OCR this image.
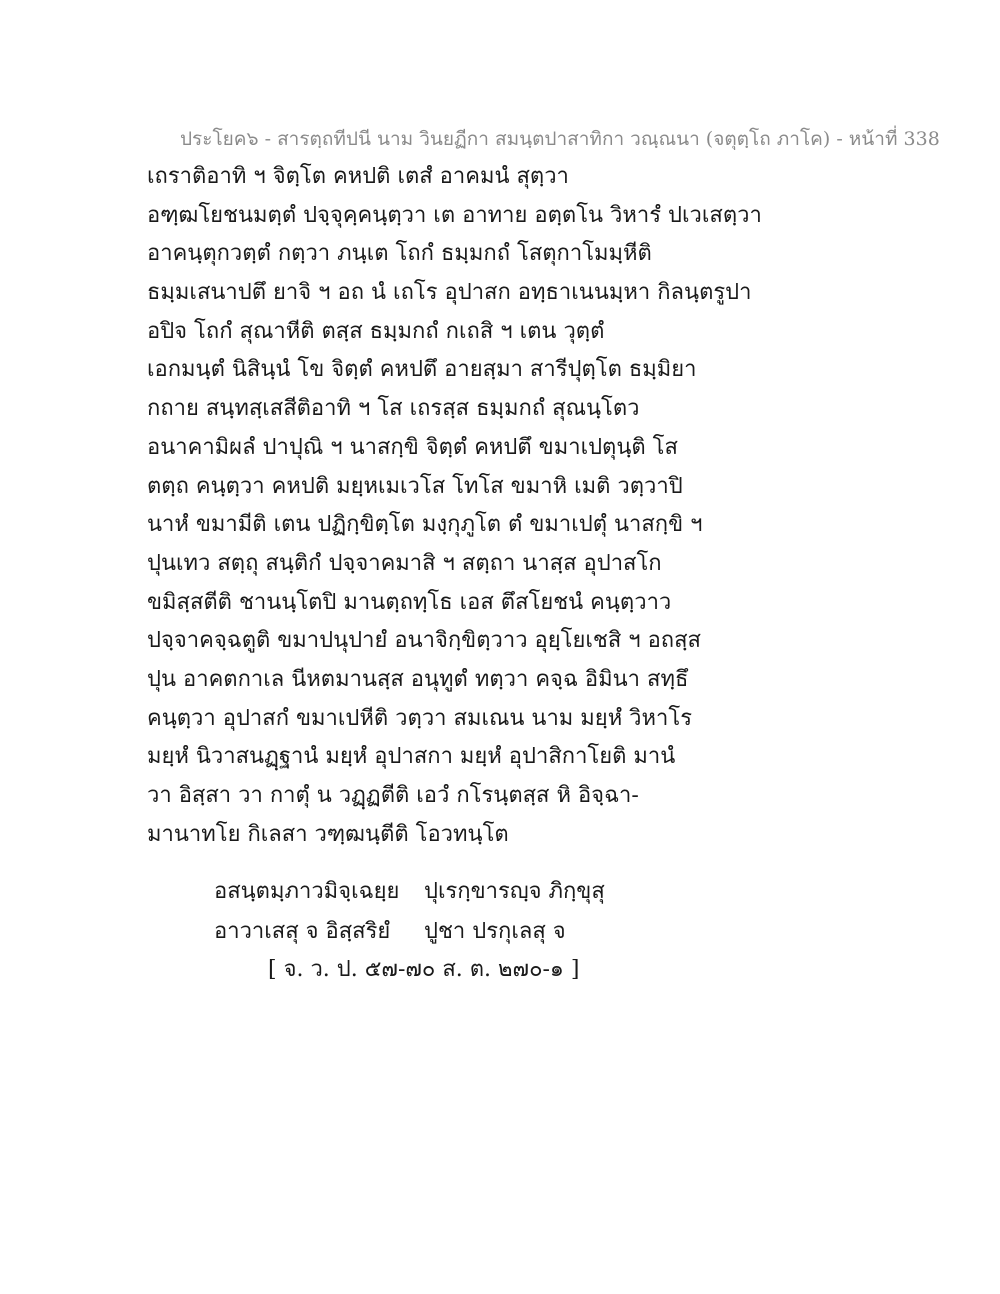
ประโยค๖ - สารตฺถทีปนี นาม วินยฏีกา สมนฺตปาสาทิกา วณฺณนา (จตุตฺโถ ภาโค) - หน้าที่ 338
เถราติอาทิ ฯ จิตฺโต คหปติ เตสํ อาคมนํ สุตฺวา
อฑฺฒโยชนมตฺตํ ปจฺจุคฺคนฺตฺวา เต อาทาย อตฺตโน วิหารํ ปเวเสตฺวา
อาคนฺตุกวตฺตํ กตฺวา ภนฺเต โถกํ ธมฺมกถํ โสตุกาโมมฺหีติ
ธมฺมเสนาปตึ ยาจิ ฯ อถ นํ เถโร อุปาสก อทฺธาเนนมฺหา กิลนฺตรูปา
อปิจ โถกํ สุณาหีติ ตสฺส ธมฺมกถํ กเถสิ ฯ เตน วุตฺตํ
เอกมนฺตํ นิสินฺนํ โข จิตฺตํ คหปตึ อายสฺมา สารีปุตฺโต ธมฺมิยา
กถาย สนฺทสฺเสสีติอาทิ ฯ โส เถรสฺส ธมฺมกถํ สุณนฺโตว
อนาคามิผลํ ปาปุณิ ฯ นาสกฺขิ จิตฺตํ คหปตึ ขมาเปตุนฺติ โส
ตตฺถ คนฺตฺวา คหปติ มยฺหเมเวโส โทโส ขมาหิ เมติ วตฺวาปิ
นาหํ ขมามีติ เตน ปฏิกฺขิตฺโต มงฺกุภูโต ตํ ขมาเปตุํ นาสกฺขิ ฯ
ปุนเทว สตฺถุ สนฺติกํ ปจฺจาคมาสิ ฯ สตฺถา นาสฺส อุปาสโก
ขมิสฺสตีติ ชานนฺโตปิ มานตฺถทฺโธ เอส ตึสโยชนํ คนฺตฺวาว
ปจฺจาคจฺฉตูติ ขมาปนุปายํ อนาจิกฺขิตฺวาว อุยฺโยเชสิ ฯ อถสฺส
ปุน อาคตกาเล นีหตมานสฺส อนุทูตํ ทตฺวา คจฺฉ อิมินา สทฺธึ
คนฺตฺวา อุปาสกํ ขมาเปหีติ วตฺวา สมเณน นาม มยฺหํ วิหาโร
มยฺหํ นิวาสนฏฺฐานํ มยฺหํ อุปาสกา มยฺหํ อุปาสิกาโยติ มานํ
วา อิสฺสา วา กาตุํ น วฏฺฏตีติ เอวํ กโรนฺตสฺส หิ อิจฺฉา-
มานาทโย กิเลสา วฑฺฒนฺตีติ โอวทนฺโต
อสนฺตมฺภาวมิจฺเฉยฺย ปุเรกฺขารญฺจ ภิกฺขุสุ
อาวาเสสุ จ อิสฺสริยํ ปูชา ปรกุเลสุ จ
[ จ. ว. ป. ๕๗-๗๐ ส. ต. ๒๗๐-๑ ]
